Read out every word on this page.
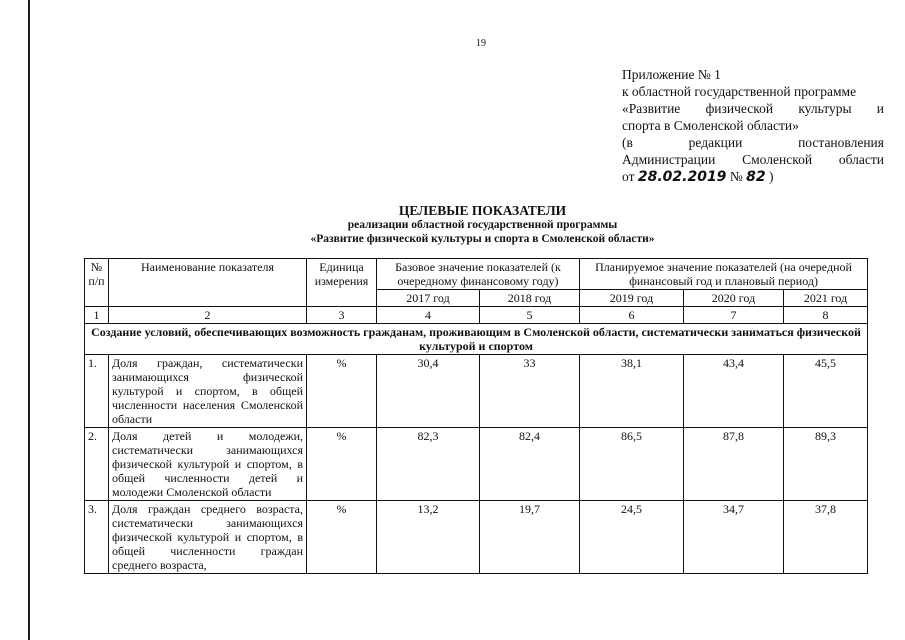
19
Приложение № 1
к областной государственной программе
«Развитие физической культуры и
спорта в Смоленской области»
(в	редакции	постановления
Администрации Смоленской области
от 28.02.2019 № 82 )
ЦЕЛЕВЫЕ ПОКАЗАТЕЛИ
реализации областной государственной программы
«Развитие физической культуры и спорта в Смоленской области»
№ п/п	Наименование показателя	Единица измерения	Базовое значение показателей (к очередному финансовому году)		Планируемое значение показателей (на очередной финансовый год и плановый период)		
			2017 год	2018 год	2019 год	2020 год	2021 год
1	2	3	4	5	6	7	8
Создание условий, обеспечивающих возможность гражданам, проживающим в Смоленской области, систематически заниматься физической культурой и спортом							
1.	Доля граждан, систематически занимающихся физической культурой и спортом, в общей численности населения Смоленской области	%	30,4	33	38,1	43,4	45,5
2.	Доля детей и молодежи, систематически занимающихся физической культурой и спортом, в общей численности детей и молодежи Смоленской области	%	82,3	82,4	86,5	87,8	89,3
3.	Доля граждан среднего возраста, систематически занимающихся физической культурой и спортом, в общей численности граждан среднего возраста,	%	13,2	19,7	24,5	34,7	37,8
